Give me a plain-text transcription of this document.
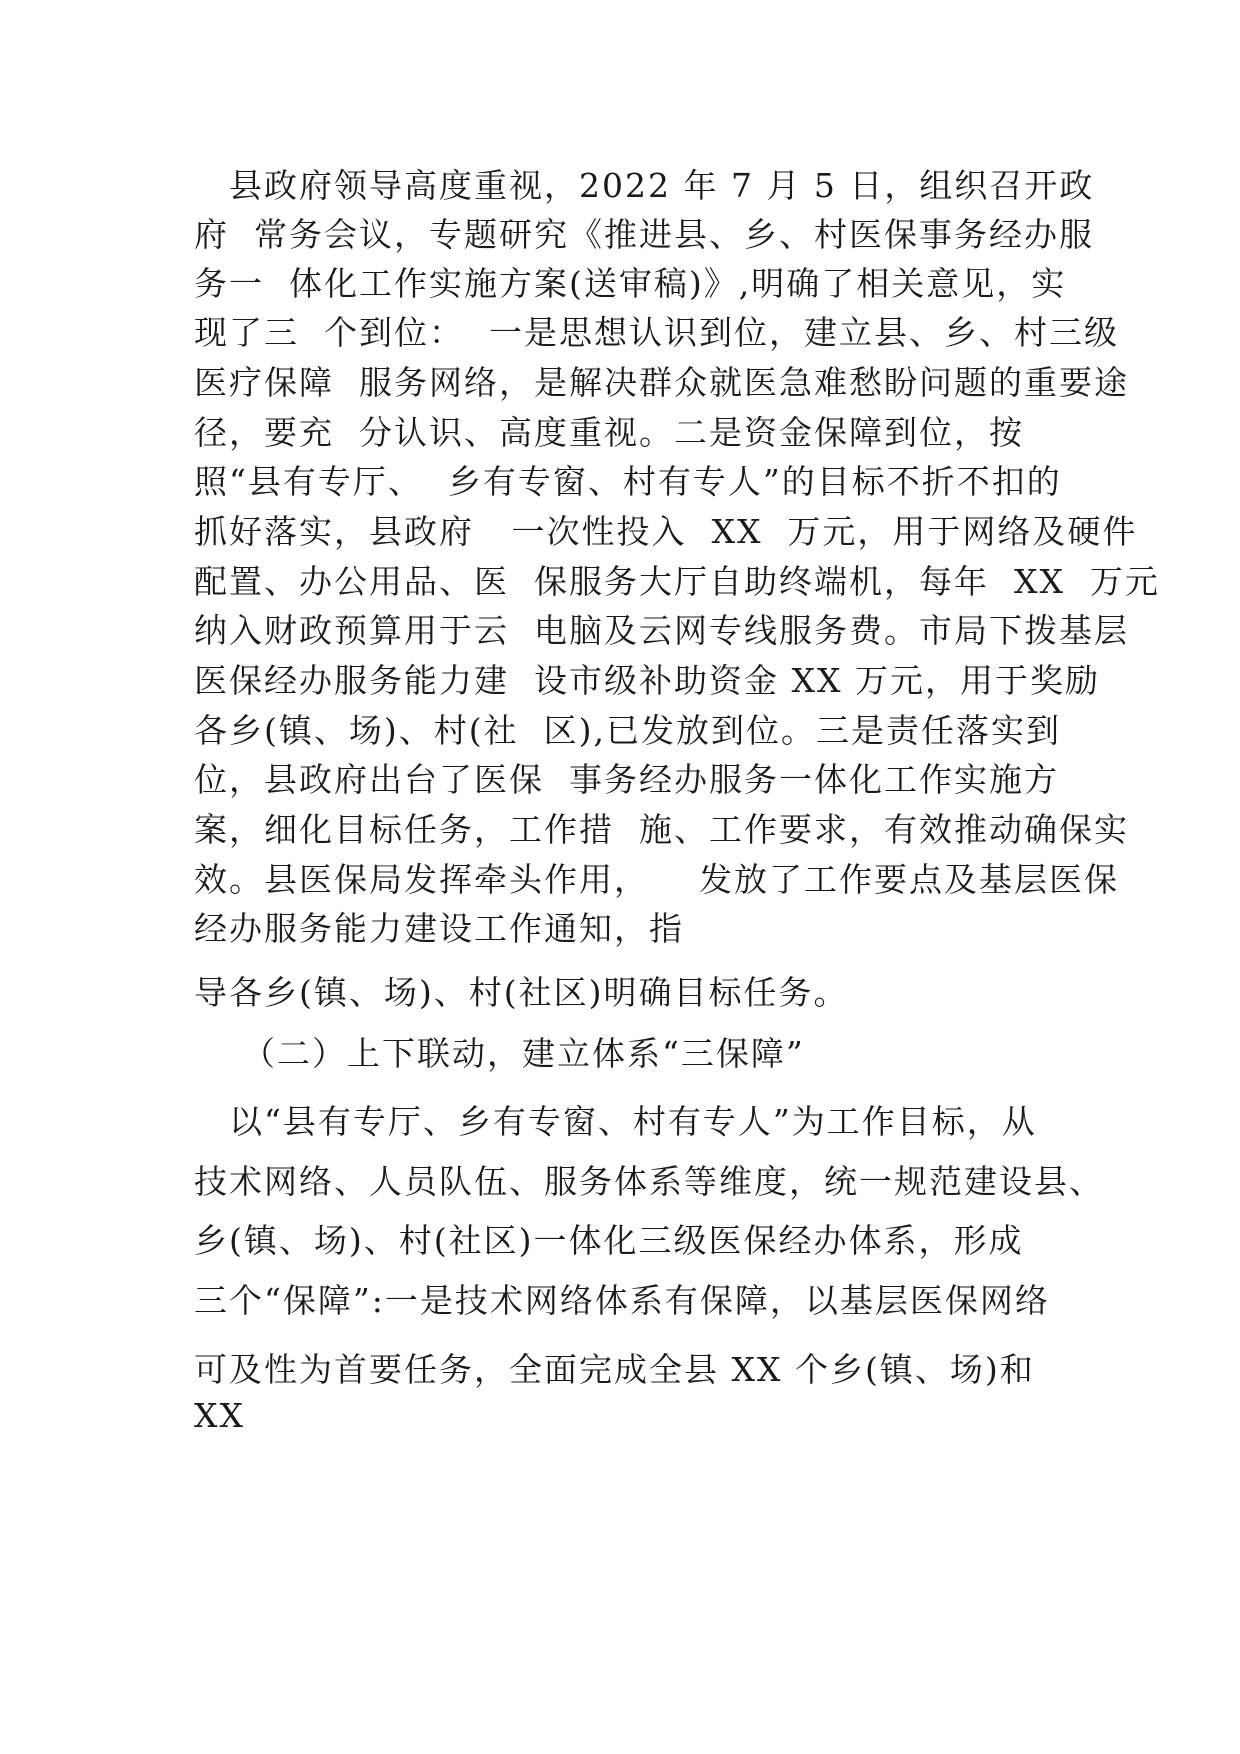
　县政府领导高度重视，2022 年 7 月 5 日，组织召开政
府  常务会议，专题研究《推进县、乡、村医保事务经办服
务一  体化工作实施方案(送审稿)》,明确了相关意见，实
现了三  个到位：  一是思想认识到位，建立县、乡、村三级
医疗保障  服务网络，是解决群众就医急难愁盼问题的重要途
径，要充  分认识、高度重视。二是资金保障到位，按
照“县有专厅、  乡有专窗、村有专人”的目标不折不扣的
抓好落实，县政府   一次性投入  XX  万元，用于网络及硬件
配置、办公用品、医  保服务大厅自助终端机，每年  XX  万元
纳入财政预算用于云  电脑及云网专线服务费。市局下拨基层
医保经办服务能力建  设市级补助资金 XX 万元，用于奖励
各乡(镇、场)、村(社  区),已发放到位。三是责任落实到
位，县政府出台了医保  事务经办服务一体化工作实施方
案，细化目标任务，工作措  施、工作要求，有效推动确保实
效。县医保局发挥牵头作用，    发放了工作要点及基层医保
经办服务能力建设工作通知，指
导各乡(镇、场)、村(社区)明确目标任务。
（二）上下联动，建立体系“三保障”
　以“县有专厅、乡有专窗、村有专人”为工作目标，从
技术网络、人员队伍、服务体系等维度，统一规范建设县、
乡(镇、场)、村(社区)一体化三级医保经办体系，形成
三个“保障”:一是技术网络体系有保障，以基层医保网络
可及性为首要任务，全面完成全县 XX 个乡(镇、场)和
XX
